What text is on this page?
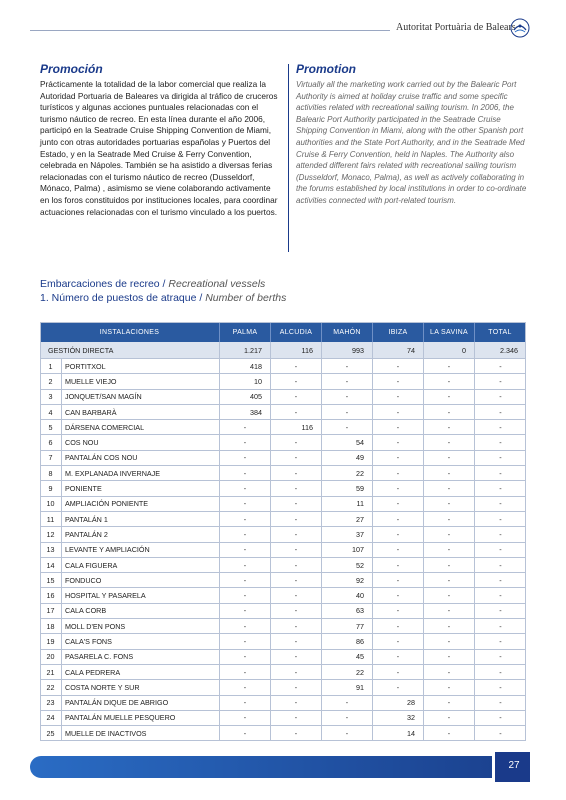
Autoritat Portuària de Balears
Promoción
Prácticamente la totalidad de la labor comercial que realiza la Autoridad Portuaria de Baleares va dirigida al tráfico de cruceros turísticos y algunas acciones puntuales relacionadas con el turismo náutico de recreo. En esta línea durante el año 2006, participó en la Seatrade Cruise Shipping Convention de Miami, junto con otras autoridades portuarias españolas y Puertos del Estado, y en la Seatrade Med Cruise & Ferry Convention, celebrada en Nápoles. También se ha asistido a diversas ferias relacionadas con el turismo náutico de recreo (Dusseldorf, Mónaco, Palma) , asimismo se viene colaborando activamente en los foros constituidos por instituciones locales, para coordinar actuaciones relacionadas con el turismo vinculado a los puertos.
Promotion
Virtually all the marketing work carried out by the Balearic Port Authority is aimed at holiday cruise traffic and some specific activities related with recreational sailing tourism. In 2006, the Balearic Port Authority participated in the Seatrade Cruise Shipping Convention in Miami, along with the other Spanish port authorities and the State Port Authority, and in the Seatrade Med Cruise & Ferry Convention, held in Naples. The Authority also attended different fairs related with recreational sailing tourism (Dusseldorf, Monaco, Palma), as well as actively collaborating in the forums established by local institutions in order to co-ordinate activities connected with port-related tourism.
Embarcaciones de recreo / Recreational vessels
1. Número de puestos de atraque / Number of berths
INSTALACIONES	PALMA	ALCUDIA	MAHÓN	IBIZA	LA SAVINA	TOTAL
GESTIÓN DIRECTA	1.217	116	993	74	0	2.346
1	PORTITXOL	418	-	-	-	-	-
2	MUELLE VIEJO	10	-	-	-	-	-
3	JONQUET/SAN MAGÍN	405	-	-	-	-	-
4	CAN BARBARÀ	384	-	-	-	-	-
5	DÁRSENA COMERCIAL	-	116	-	-	-	-
6	COS NOU	-	-	54	-	-	-
7	PANTALÁN COS NOU	-	-	49	-	-	-
8	M. EXPLANADA INVERNAJE	-	-	22	-	-	-
9	PONIENTE	-	-	59	-	-	-
10	AMPLIACIÓN PONIENTE	-	-	11	-	-	-
11	PANTALÁN 1	-	-	27	-	-	-
12	PANTALÁN 2	-	-	37	-	-	-
13	LEVANTE Y AMPLIACIÓN	-	-	107	-	-	-
14	CALA FIGUERA	-	-	52	-	-	-
15	FONDUCO	-	-	92	-	-	-
16	HOSPITAL Y PASARELA	-	-	40	-	-	-
17	CALA CORB	-	-	63	-	-	-
18	MOLL D'EN PONS	-	-	77	-	-	-
19	CALA'S FONS	-	-	86	-	-	-
20	PASARELA C. FONS	-	-	45	-	-	-
21	CALA PEDRERA	-	-	22	-	-	-
22	COSTA NORTE Y SUR	-	-	91	-	-	-
23	PANTALÁN DIQUE DE ABRIGO	-	-	-	28	-	-
24	PANTALÁN MUELLE PESQUERO	-	-	-	32	-	-
25	MUELLE DE INACTIVOS	-	-	-	14	-	-
27
